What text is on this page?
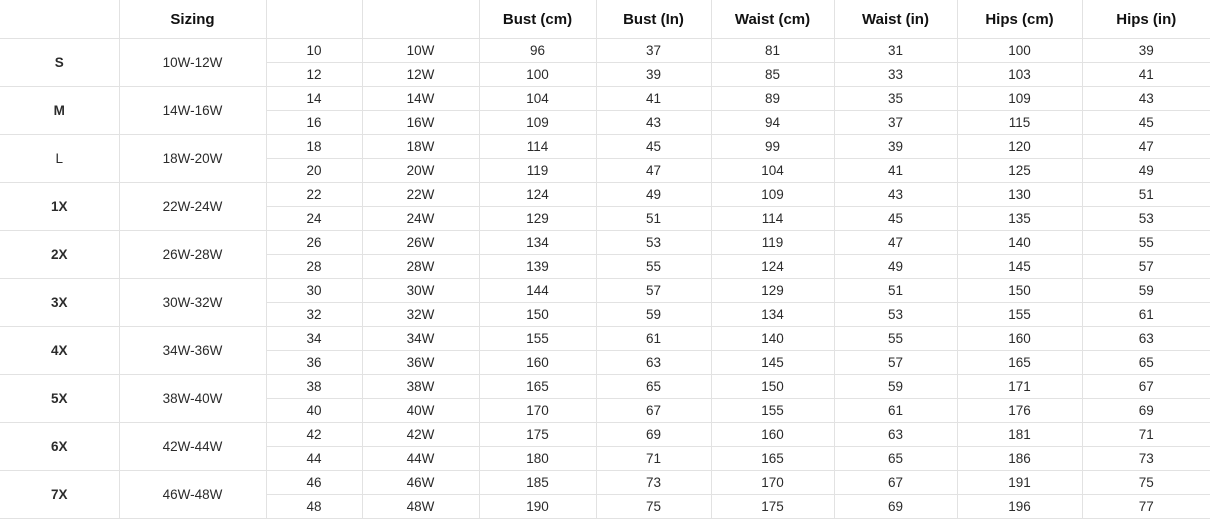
	Sizing			Bust (cm)	Bust (In)	Waist (cm)	Waist (in)	Hips (cm)	Hips (in)
S	10W-12W	10	10W	96	37	81	31	100	39
		12	12W	100	39	85	33	103	41
M	14W-16W	14	14W	104	41	89	35	109	43
		16	16W	109	43	94	37	115	45
L	18W-20W	18	18W	114	45	99	39	120	47
		20	20W	119	47	104	41	125	49
1X	22W-24W	22	22W	124	49	109	43	130	51
		24	24W	129	51	114	45	135	53
2X	26W-28W	26	26W	134	53	119	47	140	55
		28	28W	139	55	124	49	145	57
3X	30W-32W	30	30W	144	57	129	51	150	59
		32	32W	150	59	134	53	155	61
4X	34W-36W	34	34W	155	61	140	55	160	63
		36	36W	160	63	145	57	165	65
5X	38W-40W	38	38W	165	65	150	59	171	67
		40	40W	170	67	155	61	176	69
6X	42W-44W	42	42W	175	69	160	63	181	71
		44	44W	180	71	165	65	186	73
7X	46W-48W	46	46W	185	73	170	67	191	75
		48	48W	190	75	175	69	196	77
